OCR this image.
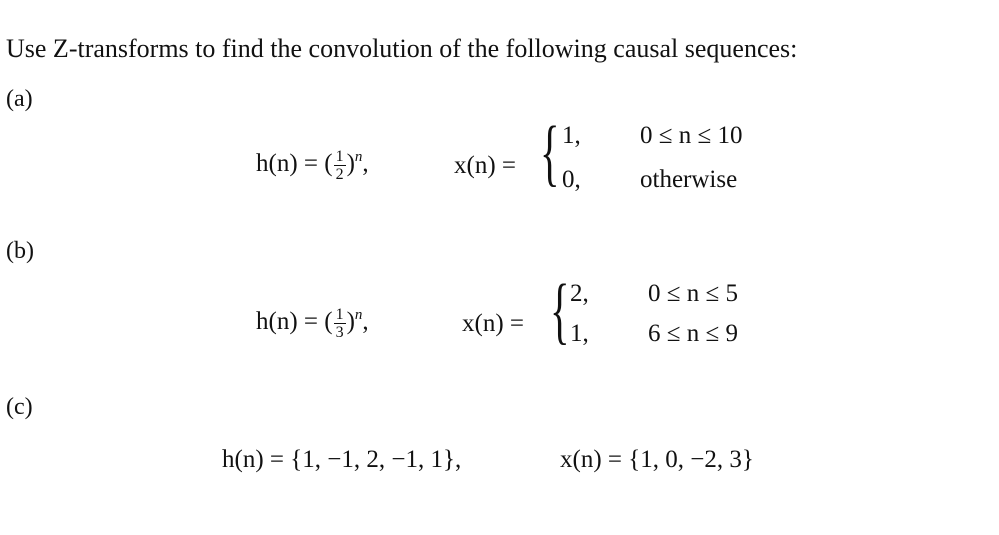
Use Z-transforms to find the convolution of the following causal sequences:
(a)
h(n) = ( $\frac{1}{2} )^n$,	x(n) = { 1, 0 ≤ n ≤ 10
0, otherwise
(b)
h(n) = ( $\frac{1}{3} )^n$,	x(n) = { 2, 0 ≤ n ≤ 5
1, 6 ≤ n ≤ 9
(c)
h(n) = {1, −1, 2, −1, 1},	x(n) = {1, 0, −2, 3}
